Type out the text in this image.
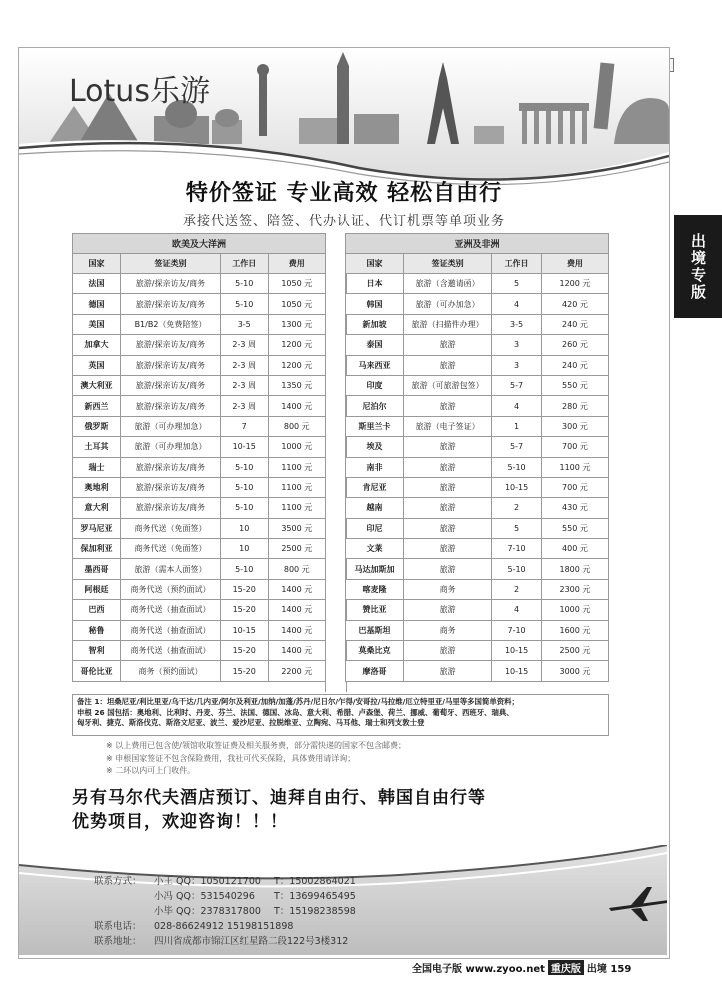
Lotus乐游
特价签证 专业高效 轻松自由行
承接代送签、陪签、代办认证、代订机票等单项业务
欧美及大洋洲			
国家	签证类别	工作日	费用
法国	旅游/探亲访友/商务	5-10	1050 元
德国	旅游/探亲访友/商务	5-10	1050 元
美国	B1/B2（免费陪签）	3-5	1300 元
加拿大	旅游/探亲访友/商务	2-3 周	1200 元
英国	旅游/探亲访友/商务	2-3 周	1200 元
澳大利亚	旅游/探亲访友/商务	2-3 周	1350 元
新西兰	旅游/探亲访友/商务	2-3 周	1400 元
俄罗斯	旅游（可办理加急）	7	800 元
土耳其	旅游（可办理加急）	10-15	1000 元
瑞士	旅游/探亲访友/商务	5-10	1100 元
奥地利	旅游/探亲访友/商务	5-10	1100 元
意大利	旅游/探亲访友/商务	5-10	1100 元
罗马尼亚	商务代送（免面签）	10	3500 元
保加利亚	商务代送（免面签）	10	2500 元
墨西哥	旅游（需本人面签）	5-10	800 元
阿根廷	商务代送（预约面试）	15-20	1400 元
巴西	商务代送（抽查面试）	15-20	1400 元
秘鲁	商务代送（抽查面试）	10-15	1400 元
智利	商务代送（抽查面试）	15-20	1400 元
哥伦比亚	商务（预约面试）	15-20	2200 元
亚洲及非洲			
国家	签证类别	工作日	费用
日本	旅游（含邀请函）	5	1200 元
韩国	旅游（可办加急）	4	420 元
新加坡	旅游（扫描件办理）	3-5	240 元
泰国	旅游	3	260 元
马来西亚	旅游	3	240 元
印度	旅游（可旅游包签）	5-7	550 元
尼泊尔	旅游	4	280 元
斯里兰卡	旅游（电子签证）	1	300 元
埃及	旅游	5-7	700 元
南非	旅游	5-10	1100 元
肯尼亚	旅游	10-15	700 元
越南	旅游	2	430 元
印尼	旅游	5	550 元
文莱	旅游	7-10	400 元
马达加斯加	旅游	5-10	1800 元
喀麦隆	商务	2	2300 元
赞比亚	旅游	4	1000 元
巴基斯坦	商务	7-10	1600 元
莫桑比克	旅游	10-15	2500 元
摩洛哥	旅游	10-15	3000 元
备注 1：坦桑尼亚/利比里亚/乌干达/几内亚/阿尔及利亚/加纳/加蓬/苏丹/尼日尔/乍得/安哥拉/马拉维/厄立特里亚/马里等多国简单资料；
申根 26 国包括：奥地利、比利时、丹麦、芬兰、法国、德国、冰岛、意大利、希腊、卢森堡、荷兰、挪威、葡萄牙、西班牙、瑞典、
匈牙利、捷克、斯洛伐克、斯洛文尼亚、波兰、爱沙尼亚、拉脱维亚、立陶宛、马耳他、瑞士和列支敦士登
※ 以上费用已包含使/领馆收取签证费及相关服务费，部分需快递的国家不包含邮费；
※ 申根国家签证不包含保险费用，我社可代买保险，具体费用请详询；
※ 二环以内可上门收件。
另有马尔代夫酒店预订、迪拜自由行、韩国自由行等
优势项目，欢迎咨询！！！
联系方式：	小王 QQ：1050121700	T：15002864021
小冯 QQ：531540296	T：13699465495
小毕 QQ：2378317800	T：15198238598
联系电话：	028-86624912 15198151898
联系地址：	四川省成都市锦江区红星路二段122号3楼312
出境专版
全国电子版 www.zyoo.net 重庆版 出境 159
